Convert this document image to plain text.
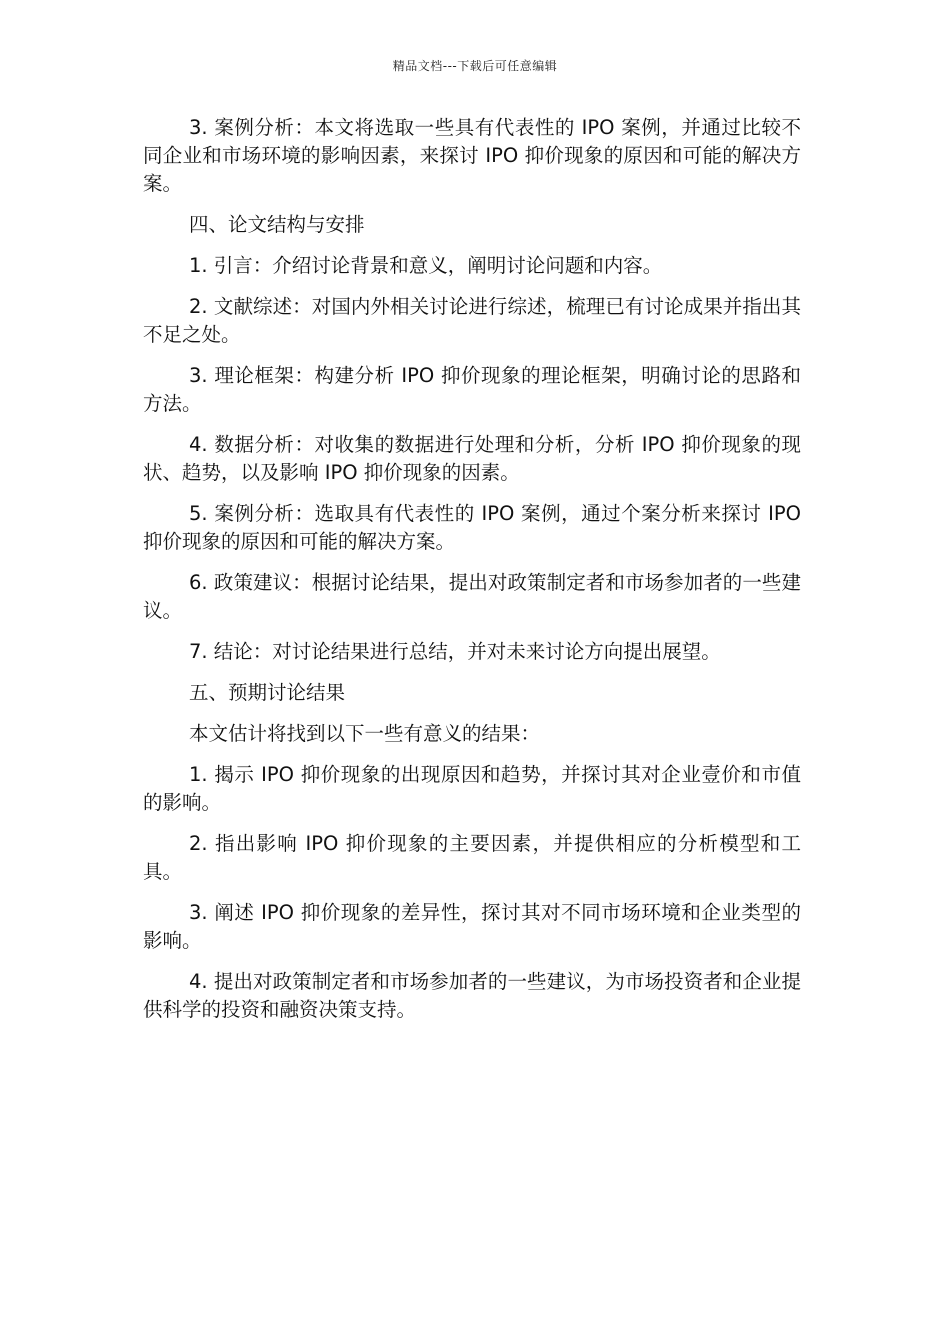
精品文档---下载后可任意编辑

3. 案例分析：本文将选取一些具有代表性的 IPO 案例，并通过比较不同企业和市场环境的影响因素，来探讨 IPO 抑价现象的原因和可能的解决方案。

四、论文结构与安排

1. 引言：介绍讨论背景和意义，阐明讨论问题和内容。

2. 文献综述：对国内外相关讨论进行综述，梳理已有讨论成果并指出其不足之处。

3. 理论框架：构建分析 IPO 抑价现象的理论框架，明确讨论的思路和方法。

4. 数据分析：对收集的数据进行处理和分析，分析 IPO 抑价现象的现状、趋势，以及影响 IPO 抑价现象的因素。

5. 案例分析：选取具有代表性的 IPO 案例，通过个案分析来探讨 IPO 抑价现象的原因和可能的解决方案。

6. 政策建议：根据讨论结果，提出对政策制定者和市场参加者的一些建议。

7. 结论：对讨论结果进行总结，并对未来讨论方向提出展望。

五、预期讨论结果

本文估计将找到以下一些有意义的结果：

1. 揭示 IPO 抑价现象的出现原因和趋势，并探讨其对企业壹价和市值的影响。

2. 指出影响 IPO 抑价现象的主要因素，并提供相应的分析模型和工具。

3. 阐述 IPO 抑价现象的差异性，探讨其对不同市场环境和企业类型的影响。

4. 提出对政策制定者和市场参加者的一些建议，为市场投资者和企业提供科学的投资和融资决策支持。
